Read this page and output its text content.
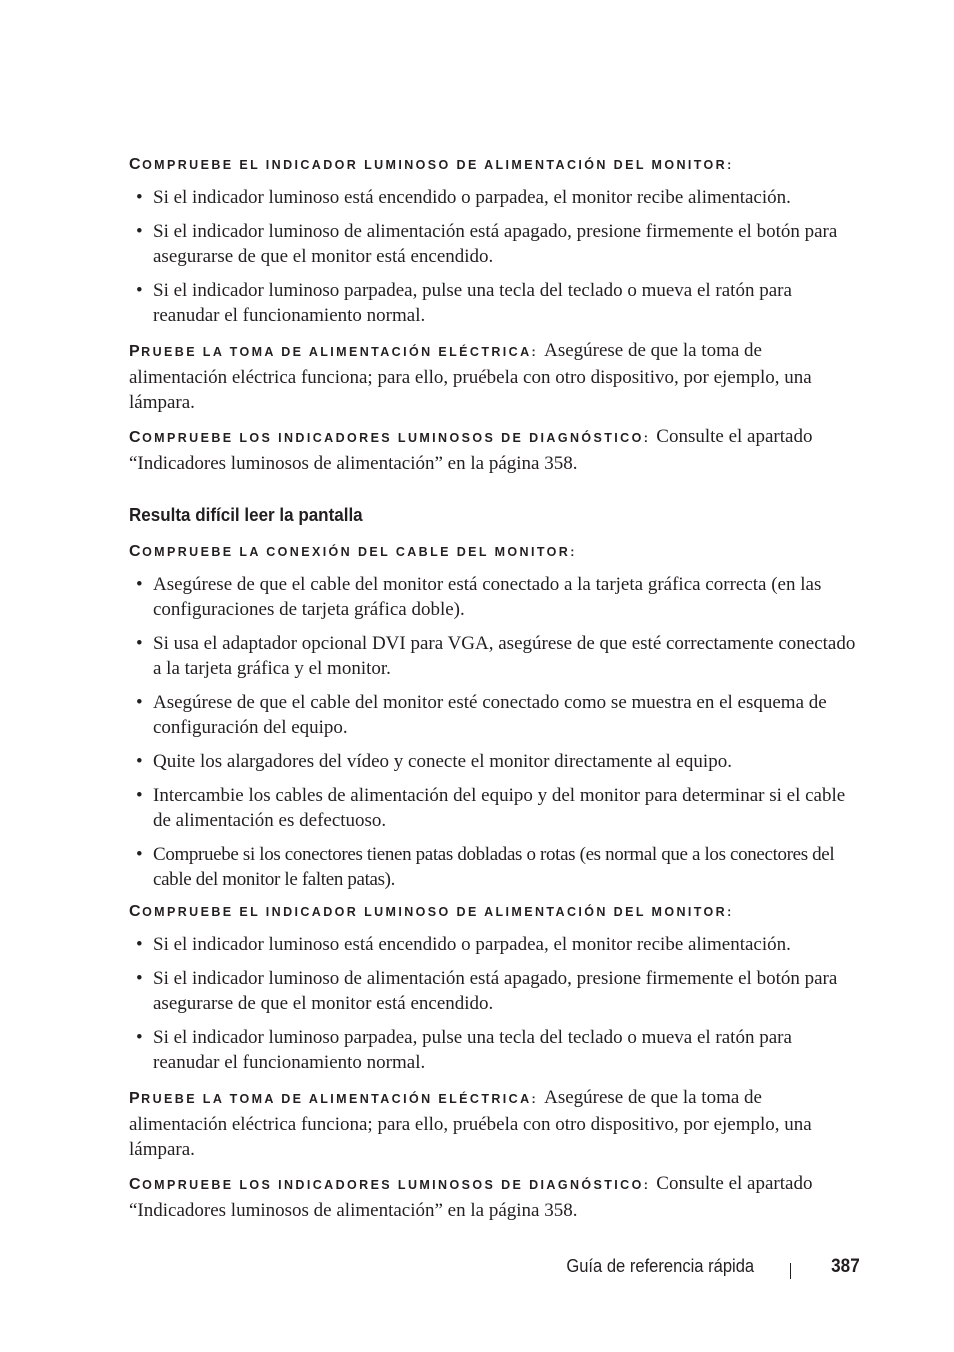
COMPRUEBE EL INDICADOR LUMINOSO DE ALIMENTACIÓN DEL MONITOR:
• Si el indicador luminoso está encendido o parpadea, el monitor recibe alimentación.
• Si el indicador luminoso de alimentación está apagado, presione firmemente el botón para asegurarse de que el monitor está encendido.
• Si el indicador luminoso parpadea, pulse una tecla del teclado o mueva el ratón para reanudar el funcionamiento normal.

PRUEBE LA TOMA DE ALIMENTACIÓN ELÉCTRICA: Asegúrese de que la toma de alimentación eléctrica funciona; para ello, pruébela con otro dispositivo, por ejemplo, una lámpara.

COMPRUEBE LOS INDICADORES LUMINOSOS DE DIAGNÓSTICO: Consulte el apartado “Indicadores luminosos de alimentación” en la página 358.

Resulta difícil leer la pantalla
COMPRUEBE LA CONEXIÓN DEL CABLE DEL MONITOR:
• Asegúrese de que el cable del monitor está conectado a la tarjeta gráfica correcta (en las configuraciones de tarjeta gráfica doble).
• Si usa el adaptador opcional DVI para VGA, asegúrese de que esté correctamente conectado a la tarjeta gráfica y el monitor.
• Asegúrese de que el cable del monitor esté conectado como se muestra en el esquema de configuración del equipo.
• Quite los alargadores del vídeo y conecte el monitor directamente al equipo.
• Intercambie los cables de alimentación del equipo y del monitor para determinar si el cable de alimentación es defectuoso.
• Compruebe si los conectores tienen patas dobladas o rotas (es normal que a los conectores del cable del monitor le falten patas).
COMPRUEBE EL INDICADOR LUMINOSO DE ALIMENTACIÓN DEL MONITOR:
• Si el indicador luminoso está encendido o parpadea, el monitor recibe alimentación.
• Si el indicador luminoso de alimentación está apagado, presione firmemente el botón para asegurarse de que el monitor está encendido.
• Si el indicador luminoso parpadea, pulse una tecla del teclado o mueva el ratón para reanudar el funcionamiento normal.

PRUEBE LA TOMA DE ALIMENTACIÓN ELÉCTRICA: Asegúrese de que la toma de alimentación eléctrica funciona; para ello, pruébela con otro dispositivo, por ejemplo, una lámpara.

COMPRUEBE LOS INDICADORES LUMINOSOS DE DIAGNÓSTICO: Consulte el apartado “Indicadores luminosos de alimentación” en la página 358.

Guía de referencia rápida	387
